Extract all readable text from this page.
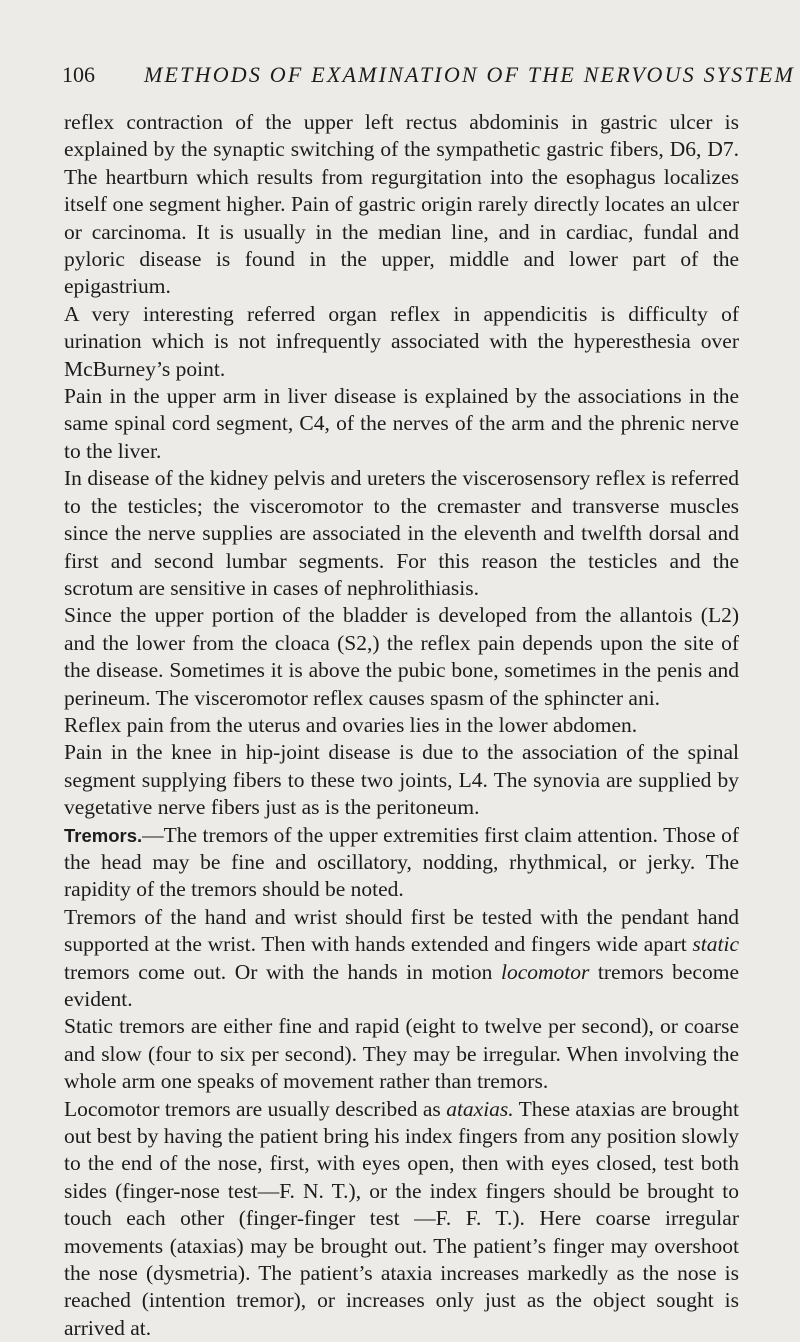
106 METHODS OF EXAMINATION OF THE NERVOUS SYSTEM

reflex contraction of the upper left rectus abdominis in gastric ulcer is explained by the synaptic switching of the sympathetic gastric fibers, D6, D7. The heartburn which results from regurgitation into the esophagus localizes itself one segment higher. Pain of gastric origin rarely directly locates an ulcer or carcinoma. It is usually in the median line, and in cardiac, fundal and pyloric disease is found in the upper, middle and lower part of the epigastrium.

A very interesting referred organ reflex in appendicitis is difficulty of urination which is not infrequently associated with the hyperesthesia over McBurney’s point.

Pain in the upper arm in liver disease is explained by the associations in the same spinal cord segment, C4, of the nerves of the arm and the phrenic nerve to the liver.

In disease of the kidney pelvis and ureters the viscerosensory reflex is referred to the testicles; the visceromotor to the cremaster and transverse muscles since the nerve supplies are associated in the eleventh and twelfth dorsal and first and second lumbar segments. For this reason the testicles and the scrotum are sensitive in cases of nephrolithiasis.

Since the upper portion of the bladder is developed from the allantois (L2) and the lower from the cloaca (S2,) the reflex pain depends upon the site of the disease. Sometimes it is above the pubic bone, sometimes in the penis and perineum. The visceromotor reflex causes spasm of the sphincter ani.

Reflex pain from the uterus and ovaries lies in the lower abdomen.

Pain in the knee in hip-joint disease is due to the association of the spinal segment supplying fibers to these two joints, L4. The synovia are supplied by vegetative nerve fibers just as is the peritoneum.

Tremors.—The tremors of the upper extremities first claim attention. Those of the head may be fine and oscillatory, nodding, rhythmical, or jerky. The rapidity of the tremors should be noted.

Tremors of the hand and wrist should first be tested with the pendant hand supported at the wrist. Then with hands extended and fingers wide apart static tremors come out. Or with the hands in motion locomotor tremors become evident.

Static tremors are either fine and rapid (eight to twelve per second), or coarse and slow (four to six per second). They may be irregular. When involving the whole arm one speaks of movement rather than tremors.

Locomotor tremors are usually described as ataxias. These ataxias are brought out best by having the patient bring his index fingers from any position slowly to the end of the nose, first, with eyes open, then with eyes closed, test both sides (finger-nose test—F. N. T.), or the index fingers should be brought to touch each other (finger-finger test —F. F. T.). Here coarse irregular movements (ataxias) may be brought out. The patient’s finger may overshoot the nose (dysmetria). The patient’s ataxia increases markedly as the nose is reached (intention tremor), or increases only just as the object sought is arrived at.
